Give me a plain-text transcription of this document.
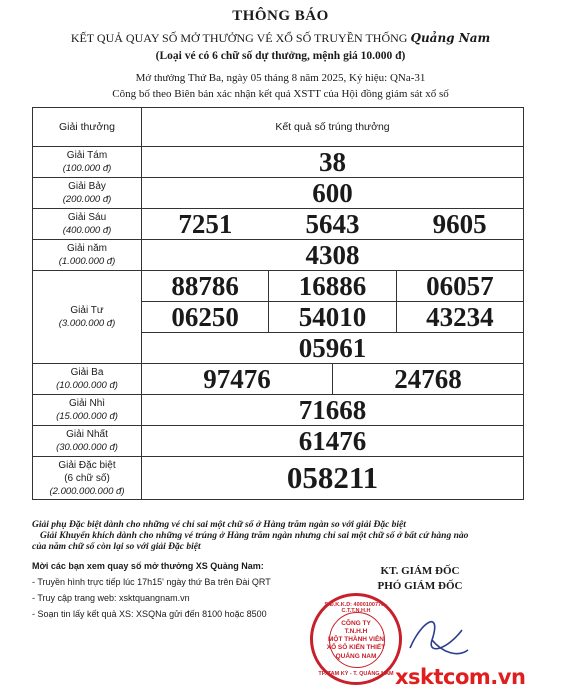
THÔNG BÁO
KẾT QUẢ QUAY SỐ MỞ THƯỞNG VÉ XỔ SỐ TRUYỀN THỐNG Quảng Nam
(Loại vé có 6 chữ số dự thưởng, mệnh giá 10.000 đ)
Mở thưởng Thứ Ba, ngày 05 tháng 8 năm 2025, Ký hiệu: QNa-31
Công bố theo Biên bản xác nhận kết quả XSTT của Hội đồng giám sát xổ số
Giải thưởng	Kết quả số trúng thưởng			
Giải Tám
(100.000 đ)	38			
Giải Bảy
(200.000 đ)	600			
Giải Sáu
(400.000 đ)	7251	5643		9605
Giải năm
(1.000.000 đ)	4308			
Giải Tư
(3.000.000 đ)	88786	16886		06057
	06250	54010		43234
	05961			
Giải Ba
(10.000.000 đ)	97476		24768	
Giải Nhì
(15.000.000 đ)	71668			
Giải Nhất
(30.000.000 đ)	61476			
Giải Đặc biệt
(6 chữ số)
(2.000.000.000 đ)	058211			
Giải phụ Đặc biệt dành cho những vé chỉ sai một chữ số ở Hàng trăm ngàn so với giải Đặc biệt
Giải Khuyến khích dành cho những vé trúng ở Hàng trăm ngàn nhưng chỉ sai một chữ số ở bất cứ hàng nào
của năm chữ số còn lại so với giải Đặc biệt
Mời các bạn xem quay số mở thưởng XS Quảng Nam:
- Truyền hình trực tiếp lúc 17h15' ngày thứ Ba trên Đài QRT
- Truy cập trang web: xsktquangnam.vn
- Soạn tin lấy kết quả XS: XSQNa gửi đến 8100 hoặc 8500
KT. GIÁM ĐỐC
PHÓ GIÁM ĐỐC
S.Đ.K.K.D: 4000100770 - C.T.T.N.H.H
CÔNG TY
T.N.H.H
MỘT THÀNH VIÊN
XỔ SỐ KIẾN THIẾT
QUẢNG NAM
TP. TAM KỲ - T. QUẢNG NAM xsktcom.vn
